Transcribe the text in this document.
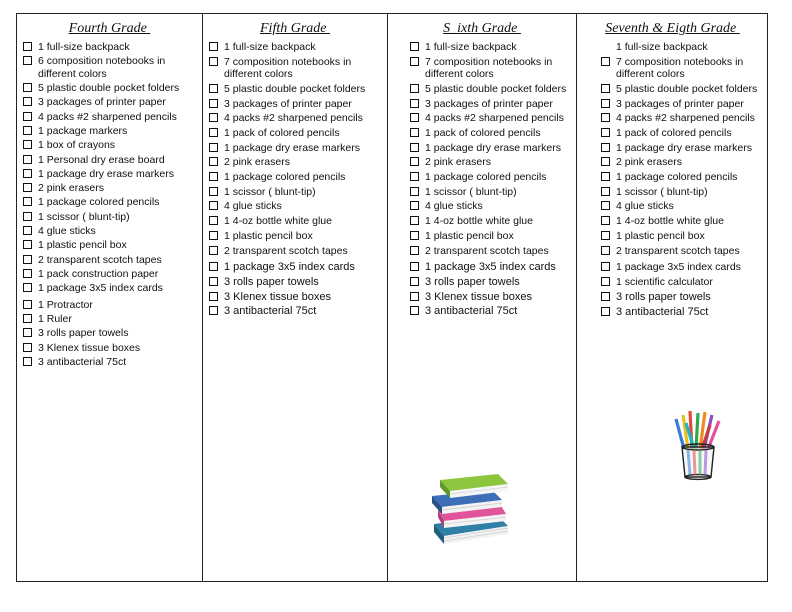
Fourth Grade
1 full-size backpack
6 composition notebooks in different colors
5 plastic double pocket folders
3 packages of printer paper
4 packs #2 sharpened pencils
1 package markers
1 box of crayons
1 Personal dry erase board
1 package dry erase markers
2 pink erasers
1 package colored pencils
1 scissor ( blunt-tip)
4 glue sticks
1 plastic pencil box
2 transparent scotch tapes
1 pack construction paper
1 package 3x5 index cards
1 Protractor
1 Ruler
3 rolls paper towels
3 Klenex tissue boxes
3 antibacterial 75ct
Fifth Grade
1 full-size backpack
7 composition notebooks in different colors
5 plastic double pocket folders
3 packages of printer paper
4 packs #2 sharpened pencils
1 pack of colored pencils
1 package dry erase markers
2 pink erasers
1 package colored pencils
1 scissor ( blunt-tip)
4 glue sticks
1 4-oz bottle white glue
1 plastic pencil box
2 transparent scotch tapes
1 package 3x5 index cards
3 rolls paper towels
3 Klenex tissue boxes
3 antibacterial 75ct
S_ixth Grade
1 full-size backpack
7 composition notebooks in different colors
5 plastic double pocket folders
3 packages of printer paper
4 packs #2 sharpened pencils
1 pack of colored pencils
1 package dry erase markers
2 pink erasers
1 package colored pencils
1 scissor ( blunt-tip)
4 glue sticks
1 4-oz bottle white glue
1 plastic pencil box
2 transparent scotch tapes
1 package 3x5 index cards
3 rolls paper towels
3 Klenex tissue boxes
3 antibacterial 75ct
Seventh & Eigth Grade
1 full-size backpack
7 composition notebooks in different colors
5 plastic double pocket folders
3 packages of printer paper
4 packs #2 sharpened pencils
1 pack of colored pencils
1 package dry erase markers
2 pink erasers
1 package colored pencils
1 scissor ( blunt-tip)
4 glue sticks
1 4-oz bottle white glue
1 plastic pencil box
2 transparent scotch tapes
1 package 3x5 index cards
1 scientific calculator
3 rolls paper towels
3 antibacterial 75ct
